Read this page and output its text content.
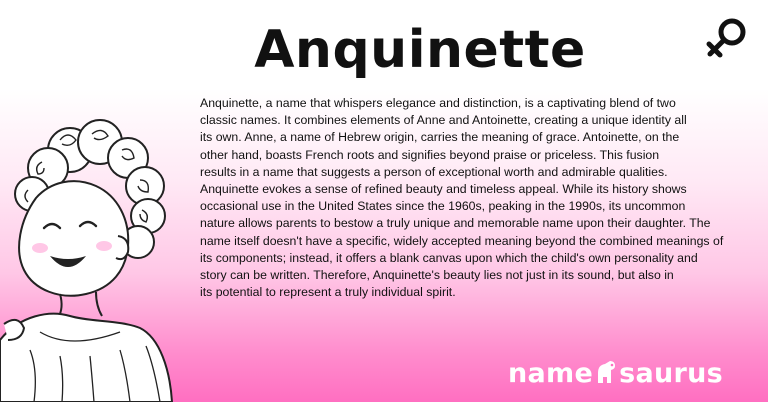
Anquinette
Anquinette, a name that whispers elegance and distinction, is a captivating blend of two
classic names. It combines elements of Anne and Antoinette, creating a unique identity all
its own. Anne, a name of Hebrew origin, carries the meaning of grace. Antoinette, on the
other hand, boasts French roots and signifies beyond praise or priceless. This fusion
results in a name that suggests a person of exceptional worth and admirable qualities.
Anquinette evokes a sense of refined beauty and timeless appeal. While its history shows
occasional use in the United States since the 1960s, peaking in the 1990s, its uncommon
nature allows parents to bestow a truly unique and memorable name upon their daughter. The
name itself doesn't have a specific, widely accepted meaning beyond the combined meanings of
its components; instead, it offers a blank canvas upon which the child's own personality and
story can be written. Therefore, Anquinette's beauty lies not just in its sound, but also in
its potential to represent a truly individual spirit.
name saurus
